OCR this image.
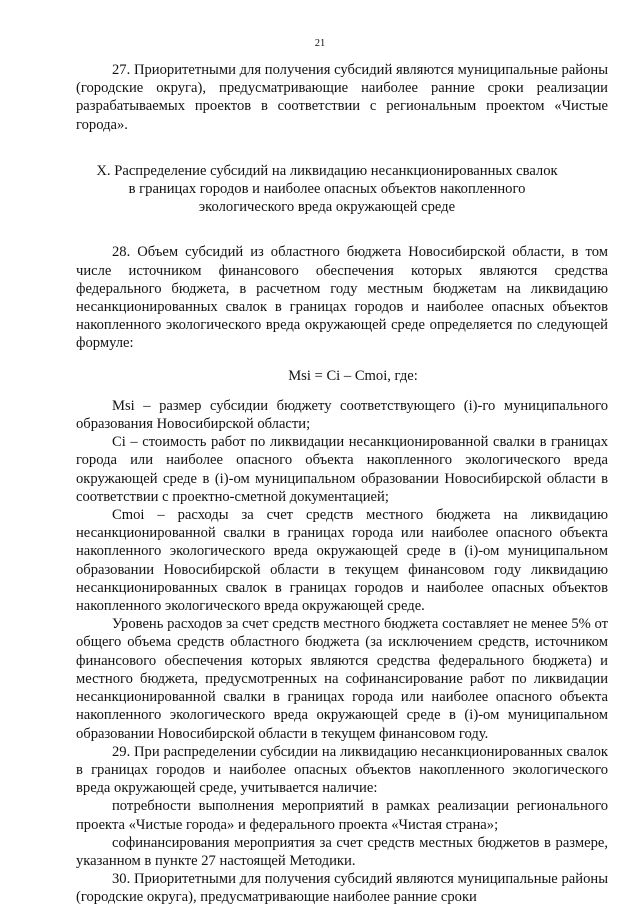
21

27. Приоритетными для получения субсидий являются муниципальные районы (городские округа), предусматривающие наиболее ранние сроки реализации разрабатываемых проектов в соответствии с региональным проектом «Чистые города».

X. Распределение субсидий на ликвидацию несанкционированных свалок
в границах городов и наиболее опасных объектов накопленного
экологического вреда окружающей среде

28. Объем субсидий из областного бюджета Новосибирской области, в том числе источником финансового обеспечения которых являются средства федерального бюджета, в расчетном году местным бюджетам на ликвидацию несанкционированных свалок в границах городов и наиболее опасных объектов накопленного экологического вреда окружающей среде определяется по следующей формуле:

Msi = Ci – Cmoi, где:

Msi – размер субсидии бюджету соответствующего (i)-го муниципального образования Новосибирской области;

Ci – стоимость работ по ликвидации несанкционированной свалки в границах города или наиболее опасного объекта накопленного экологического вреда окружающей среде в (i)-ом муниципальном образовании Новосибирской области в соответствии с проектно-сметной документацией;

Cmoi – расходы за счет средств местного бюджета на ликвидацию несанкционированной свалки в границах города или наиболее опасного объекта накопленного экологического вреда окружающей среде в (i)-ом муниципальном образовании Новосибирской области в текущем финансовом году ликвидацию несанкционированных свалок в границах городов и наиболее опасных объектов накопленного экологического вреда окружающей среде.

Уровень расходов за счет средств местного бюджета составляет не менее 5% от общего объема средств областного бюджета (за исключением средств, источником финансового обеспечения которых являются средства федерального бюджета) и местного бюджета, предусмотренных на софинансирование работ по ликвидации несанкционированной свалки в границах города или наиболее опасного объекта накопленного экологического вреда окружающей среде в (i)-ом муниципальном образовании Новосибирской области в текущем финансовом году.

29. При распределении субсидии на ликвидацию несанкционированных свалок в границах городов и наиболее опасных объектов накопленного экологического вреда окружающей среде, учитывается наличие:

потребности выполнения мероприятий в рамках реализации регионального проекта «Чистые города» и федерального проекта «Чистая страна»;

софинансирования мероприятия за счет средств местных бюджетов в размере, указанном в пункте 27 настоящей Методики.

30. Приоритетными для получения субсидий являются муниципальные районы (городские округа), предусматривающие наиболее ранние сроки
